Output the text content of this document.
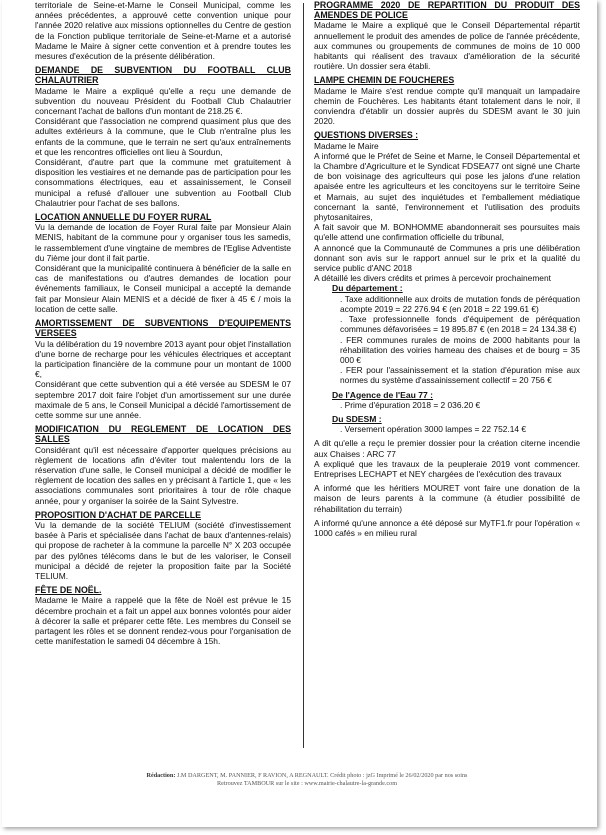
territoriale de Seine-et-Marne le Conseil Municipal, comme les années précédentes, a approuvé cette convention unique pour l'année 2020 relative aux missions optionnelles du Centre de gestion de la Fonction publique territoriale de Seine-et-Marne et a autorisé Madame le Maire à signer cette convention et à prendre toutes les mesures d'exécution de la présente délibération.

DEMANDE DE SUBVENTION DU FOOTBALL CLUB CHALAUTRIER

Madame le Maire a expliqué qu'elle a reçu une demande de subvention du nouveau Président du Football Club Chalautrier concernant l'achat de ballons d'un montant de 218.25 €.

Considérant que l'association ne comprend quasiment plus que des adultes extérieurs à la commune, que le Club n'entraîne plus les enfants de la commune, que le terrain ne sert qu'aux entraînements et que les rencontres officielles ont lieu à Sourdun,

Considérant, d'autre part que la commune met gratuitement à disposition les vestiaires et ne demande pas de participation pour les consommations électriques, eau et assainissement, le Conseil municipal a refusé d'allouer une subvention au Football Club Chalautrier pour l'achat de ses ballons.

LOCATION ANNUELLE DU FOYER RURAL

Vu la demande de location de Foyer Rural faite par Monsieur Alain MENIS, habitant de la commune pour y organiser tous les samedis, le rassemblement d'une vingtaine de membres de l'Eglise Adventiste du 7ième jour dont il fait partie.

Considérant que la municipalité continuera à bénéficier de la salle en cas de manifestations ou d'autres demandes de location pour événements familiaux, le Conseil municipal a accepté la demande fait par Monsieur Alain MENIS et a décidé de fixer à 45 € / mois la location de cette salle.

AMORTISSEMENT DE SUBVENTIONS D'EQUIPEMENTS VERSEES

Vu la délibération du 19 novembre 2013 ayant pour objet l'installation d'une borne de recharge pour les véhicules électriques et acceptant la participation financière de la commune pour un montant de 1000 €,

Considérant que cette subvention qui a été versée au SDESM le 07 septembre 2017 doit faire l'objet d'un amortissement sur une durée maximale de 5 ans, le Conseil Municipal a décidé l'amortissement de cette somme sur une année.

MODIFICATION DU REGLEMENT DE LOCATION DES SALLES

Considérant qu'il est nécessaire d'apporter quelques précisions au règlement de locations afin d'éviter tout malentendu lors de la réservation d'une salle, le Conseil municipal a décidé de modifier le règlement de location des salles en y précisant à l'article 1, que « les associations communales sont prioritaires à tour de rôle chaque année, pour y organiser la soirée de la Saint Sylvestre.

PROPOSITION D'ACHAT DE PARCELLE

Vu la demande de la société TELIUM (société d'investissement basée à Paris et spécialisée dans l'achat de baux d'antennes-relais) qui propose de racheter à la commune la parcelle N° X 203 occupée par des pylônes télécoms dans le but de les valoriser, le Conseil municipal a décidé de rejeter la proposition faite par la Société TELIUM.

FÊTE DE NOËL.

Madame le Maire a rappelé que la fête de Noël est prévue le 15 décembre prochain et a fait un appel aux bonnes volontés pour aider à décorer la salle et préparer cette fête. Les membres du Conseil se partagent les rôles et se donnent rendez-vous pour l'organisation de cette manifestation le samedi 04 décembre à 15h.

PROGRAMME 2020 DE REPARTITION DU PRODUIT DES AMENDES DE POLICE

Madame le Maire a expliqué que le Conseil Départemental répartit annuellement le produit des amendes de police de l'année précédente, aux communes ou groupements de communes de moins de 10 000 habitants qui réalisent des travaux d'amélioration de la sécurité routière. Un dossier sera établi.

LAMPE CHEMIN DE FOUCHERES

Madame le Maire s'est rendue compte qu'il manquait un lampadaire chemin de Fouchères. Les habitants étant totalement dans le noir, il conviendra d'établir un dossier auprès du SDESM avant le 30 juin 2020.

QUESTIONS DIVERSES :

Madame le Maire

A informé que le Préfet de Seine et Marne, le Conseil Départemental et la Chambre d'Agriculture et le Syndicat FDSEA77 ont signé une Charte de bon voisinage des agriculteurs qui pose les jalons d'une relation apaisée entre les agriculteurs et les concitoyens sur le territoire Seine et Marnais, au sujet des inquiétudes et l'emballement médiatique concernant la santé, l'environnement et l'utilisation des produits phytosanitaires,

A fait savoir que M. BONHOMME abandonnerait ses poursuites mais qu'elle attend une confirmation officielle du tribunal,

A annoncé que la Communauté de Communes a pris une délibération donnant son avis sur le rapport annuel sur le prix et la qualité du service public d'ANC 2018

A détaillé les divers crédits et primes à percevoir prochainement

Du département :

. Taxe additionnelle aux droits de mutation fonds de péréquation acompte 2019 = 22 276.94 € (en 2018 = 22 199.61 €)

. Taxe professionnelle fonds d'équipement de péréquation communes défavorisées = 19 895.87 € (en 2018 = 24 134.38 €)

. FER communes rurales de moins de 2000 habitants pour la réhabilitation des voiries hameau des chaises et de bourg = 35 000 €

. FER pour l'assainissement et la station d'épuration mise aux normes du système d'assainissement collectif = 20 756 €

De l'Agence de l'Eau 77 :

. Prime d'épuration 2018 = 2 036.20 €

Du SDESM :

. Versement opération 3000 lampes = 22 752.14 €

A dit qu'elle a reçu le premier dossier pour la création citerne incendie aux Chaises : ARC 77

A expliqué que les travaux de la peupleraie 2019 vont commencer. Entreprises LECHAPT et NEY chargées de l'exécution des travaux

A informé que les héritiers MOURET vont faire une donation de la maison de leurs parents à la commune (à étudier possibilité de réhabilitation du terrain)

A informé qu'une annonce a été déposé sur MyTF1.fr pour l'opération « 1000 cafés » en milieu rural

Rédaction: J.M DARGENT, M. PANNIER, F RAVION, A REGNAULT. Crédit photo : jzG Imprimé le 26/02/2020 par nos soins
Retrouvez TAMBOUR sur le site : www.mairie-chalautre-la-grande.com
